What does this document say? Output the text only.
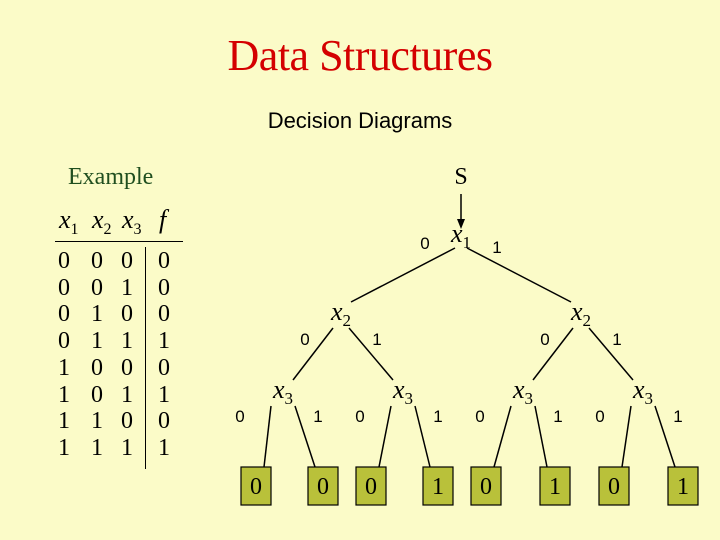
Data Structures
Decision Diagrams
Example
$x_1$ $x_2$ $x_3$ f
0 0 0 0
0 0 1 0
0 1 0 0
0 1 1 1
1 0 0 0
1 0 1 1
1 1 0 0
1 1 1 1
S
$x_1$
0	1
$x_2$
0	1
$x_2$
0	1
$x_3$
0	1
$x_3$
0	1
$x_3$
0	1
$x_3$
0	1
0 0 0 1 0 1 0 1
